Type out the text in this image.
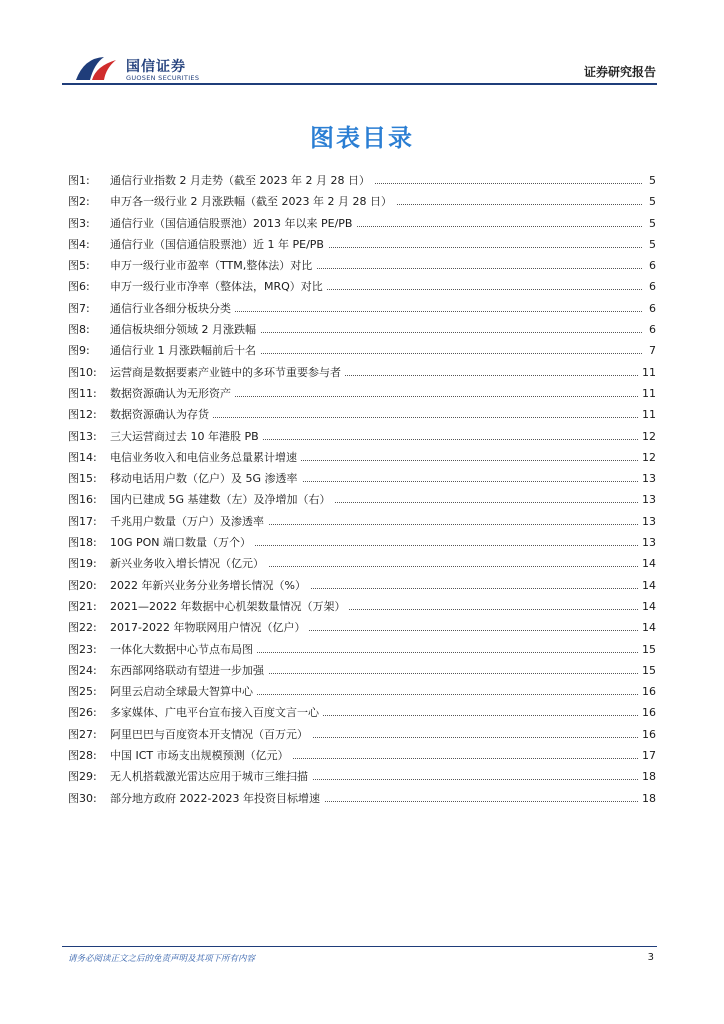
国信证券
GUOSEN SECURITIES	证券研究报告
图表目录
图1: 通信行业指数 2 月走势（截至 2023 年 2 月 28 日）	5
图2: 申万各一级行业 2 月涨跌幅（截至 2023 年 2 月 28 日）	5
图3: 通信行业（国信通信股票池）2013 年以来 PE/PB	5
图4: 通信行业（国信通信股票池）近 1 年 PE/PB	5
图5: 申万一级行业市盈率（TTM,整体法）对比	6
图6: 申万一级行业市净率（整体法，MRQ）对比	6
图7: 通信行业各细分板块分类	6
图8: 通信板块细分领域 2 月涨跌幅	6
图9: 通信行业 1 月涨跌幅前后十名	7
图10: 运营商是数据要素产业链中的多环节重要参与者	11
图11: 数据资源确认为无形资产	11
图12: 数据资源确认为存货	11
图13: 三大运营商过去 10 年港股 PB	12
图14: 电信业务收入和电信业务总量累计增速	12
图15: 移动电话用户数（亿户）及 5G 渗透率	13
图16: 国内已建成 5G 基建数（左）及净增加（右）	13
图17: 千兆用户数量（万户）及渗透率	13
图18: 10G PON 端口数量（万个）	13
图19: 新兴业务收入增长情况（亿元）	14
图20: 2022 年新兴业务分业务增长情况（%）	14
图21: 2021—2022 年数据中心机架数量情况（万架）	14
图22: 2017-2022 年物联网用户情况（亿户）	14
图23: 一体化大数据中心节点布局图	15
图24: 东西部网络联动有望进一步加强	15
图25: 阿里云启动全球最大智算中心	16
图26: 多家媒体、广电平台宣布接入百度文言一心	16
图27: 阿里巴巴与百度资本开支情况（百万元）	16
图28: 中国 ICT 市场支出规模预测（亿元）	17
图29: 无人机搭载激光雷达应用于城市三维扫描	18
图30: 部分地方政府 2022-2023 年投资目标增速	18
请务必阅读正文之后的免责声明及其项下所有内容	3
